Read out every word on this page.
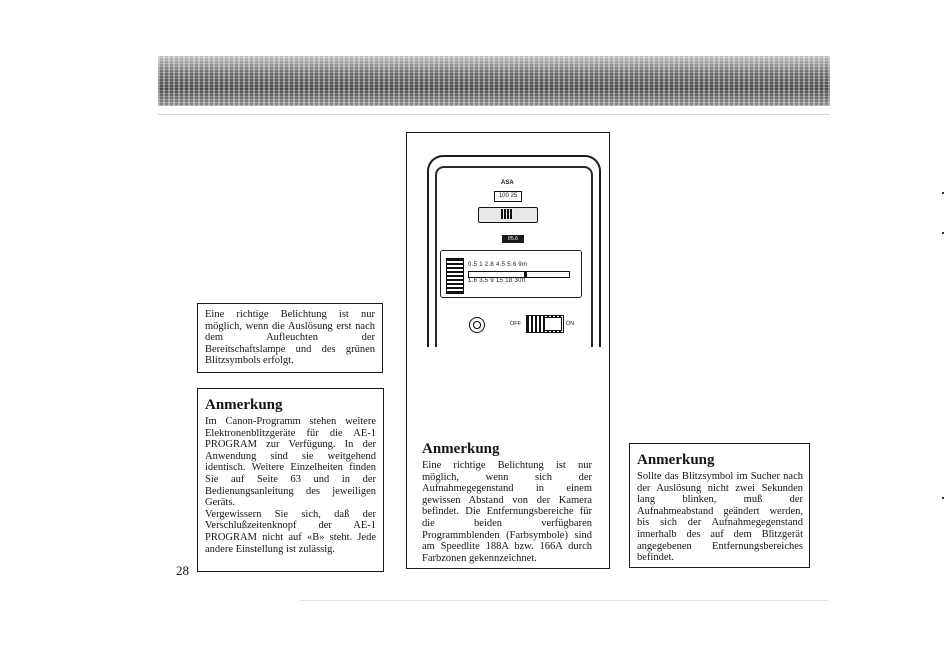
Eine richtige Belichtung ist nur möglich, wenn die Auslösung erst nach dem Aufleuchten der Bereitschaftslampe und des grünen Blitzsymbols erfolgt.

Anmerkung

Im Canon-Programm stehen weitere Elektronenblitzgeräte für die AE-1 PROGRAM zur Verfügung. In der Anwendung sind sie weitgehend identisch. Weitere Einzelheiten finden Sie auf Seite 63 und in der Bedienungsanleitung des jeweiligen Geräts.

Vergewissern Sie sich, daß der Verschlußzeitenknopf der AE-1 PROGRAM nicht auf «B» steht. Jede andere Einstellung ist zulässig.

ASA
100 25
f/5.6
0.5 1 2.8 4.5 5.6 9m
1.6 3.5 9 15 18 30ft
OFF	ON
Anmerkung

Eine richtige Belichtung ist nur möglich, wenn sich der Aufnahmegegenstand in einem gewissen Abstand von der Kamera befindet. Die Entfernungsbereiche für die beiden verfügbaren Programmblenden (Farbsymbole) sind am Speedlite 188A bzw. 166A durch Farbzonen gekennzeichnet.

Anmerkung

Sollte das Blitzsymbol im Sucher nach der Auslösung nicht zwei Sekunden lang blinken, muß der Aufnahmeabstand geändert werden, bis sich der Aufnahmegegenstand innerhalb des auf dem Blitzgerät angegebenen Entfernungsbereiches befindet.

28
